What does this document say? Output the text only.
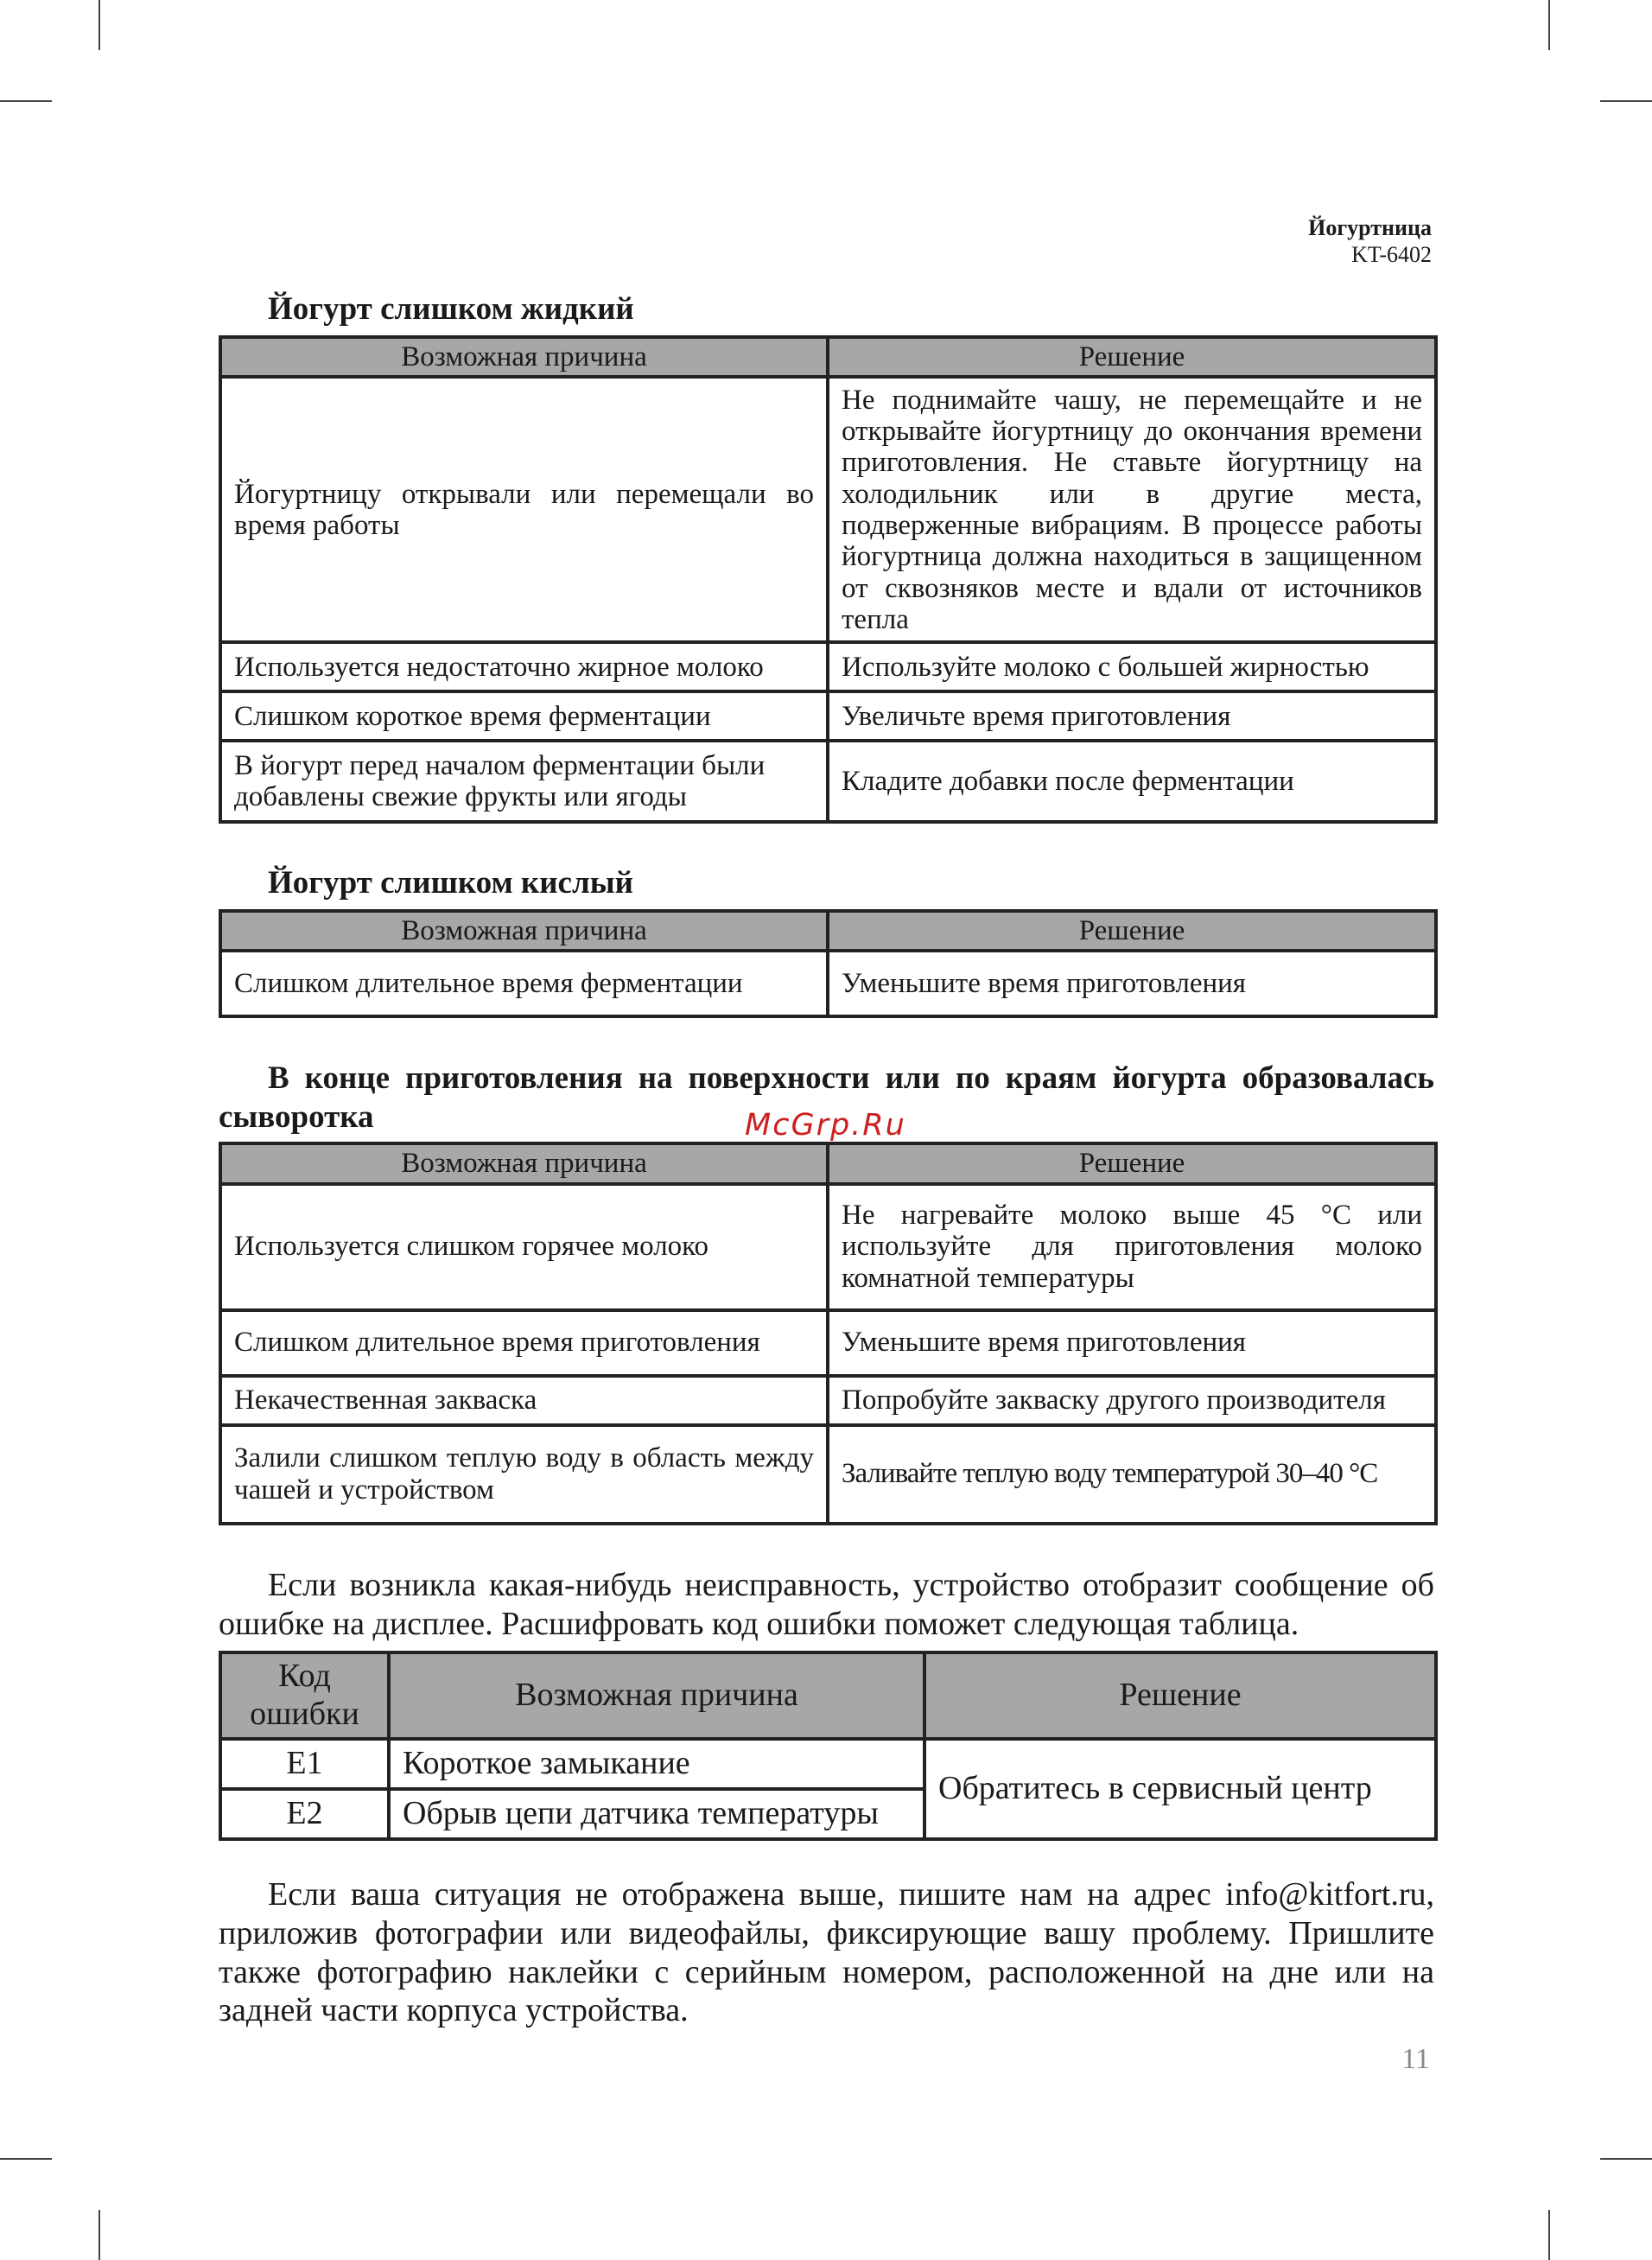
Йогуртница
KT-6402
Йогурт слишком жидкий
Возможная причина	Решение
Йогуртницу открывали или перемещали во время работы	Не поднимайте чашу, не перемещайте и не открывайте йогуртницу до окончания времени приготовления. Не ставьте йогуртницу на холодильник или в другие места, подверженные вибрациям. В процессе работы йогуртница должна находиться в защищенном от сквозняков месте и вдали от источников тепла
Используется недостаточно жирное молоко	Используйте молоко с большей жирностью
Слишком короткое время ферментации	Увеличьте время приготовления
В йогурт перед началом ферментации были добавлены свежие фрукты или ягоды	Кладите добавки после ферментации
Йогурт слишком кислый
Возможная причина	Решение
Слишком длительное время ферментации	Уменьшите время приготовления
В конце приготовления на поверхности или по краям йогурта образовалась сыворотка
Возможная причина	Решение
Используется слишком горячее молоко	Не нагревайте молоко выше 45 °C или используйте для приготовления молоко комнатной температуры
Слишком длительное время приготовления	Уменьшите время приготовления
Некачественная закваска	Попробуйте закваску другого производителя
Залили слишком теплую воду в область между чашей и устройством	Заливайте теплую воду температурой 30–40 °C

Если возникла какая-нибудь неисправность, устройство отобразит сообщение об ошибке на дисплее. Расшифровать код ошибки поможет следующая таблица.

Код ошибки	Возможная причина	Решение
E1	Короткое замыкание	Обратитесь в сервисный центр
E2	Обрыв цепи датчика температуры	

Если ваша ситуация не отображена выше, пишите нам на адрес info@kitfort.ru, приложив фотографии или видеофайлы, фиксирующие вашу проблему. Пришлите также фотографию наклейки с серийным номером, расположенной на дне или на задней части корпуса устройства.

McGrp.Ru
11
